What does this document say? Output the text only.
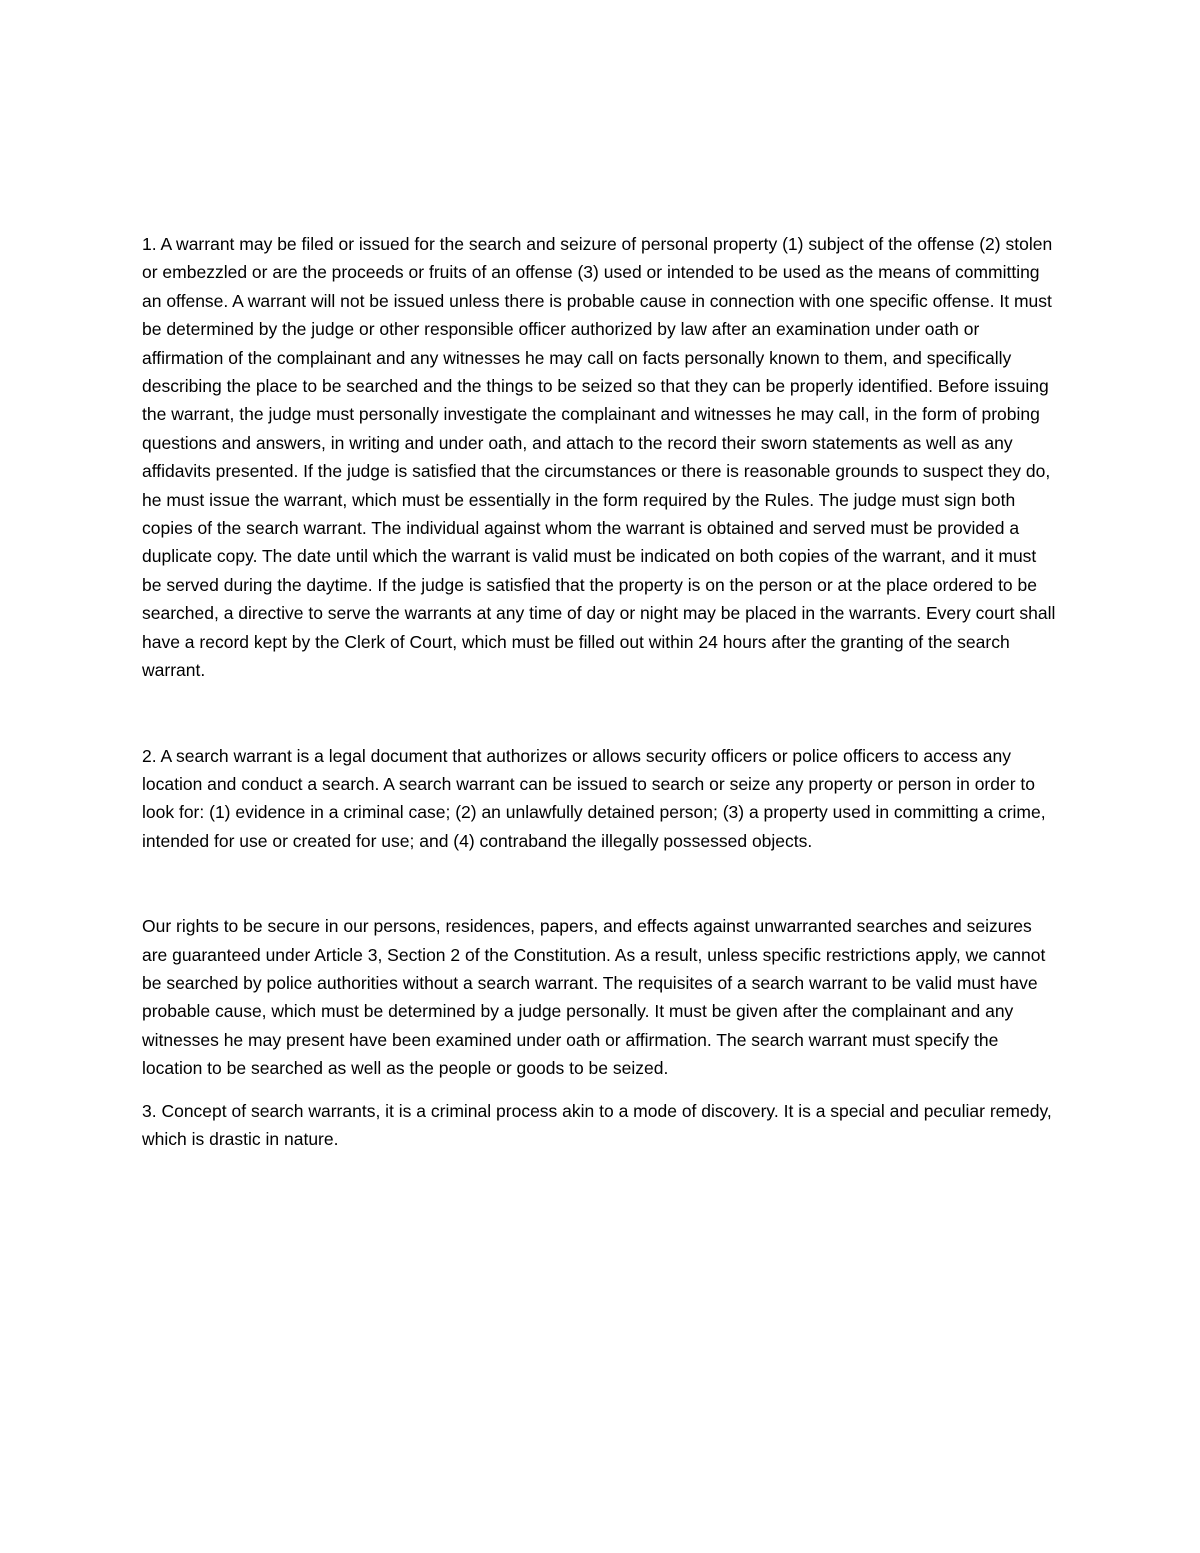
1. A warrant may be filed or issued for the search and seizure of personal property (1) subject of the offense (2) stolen or embezzled or are the proceeds or fruits of an offense (3) used or intended to be used as the means of committing an offense. A warrant will not be issued unless there is probable cause in connection with one specific offense. It must be determined by the judge or other responsible officer authorized by law after an examination under oath or affirmation of the complainant and any witnesses he may call on facts personally known to them, and specifically describing the place to be searched and the things to be seized so that they can be properly identified. Before issuing the warrant, the judge must personally investigate the complainant and witnesses he may call, in the form of probing questions and answers, in writing and under oath, and attach to the record their sworn statements as well as any affidavits presented. If the judge is satisfied that the circumstances or there is reasonable grounds to suspect they do, he must issue the warrant, which must be essentially in the form required by the Rules. The judge must sign both copies of the search warrant. The individual against whom the warrant is obtained and served must be provided a duplicate copy. The date until which the warrant is valid must be indicated on both copies of the warrant, and it must be served during the daytime. If the judge is satisfied that the property is on the person or at the place ordered to be searched, a directive to serve the warrants at any time of day or night may be placed in the warrants. Every court shall have a record kept by the Clerk of Court, which must be filled out within 24 hours after the granting of the search warrant.

2. A search warrant is a legal document that authorizes or allows security officers or police officers to access any location and conduct a search. A search warrant can be issued to search or seize any property or person in order to look for: (1) evidence in a criminal case; (2) an unlawfully detained person; (3) a property used in committing a crime, intended for use or created for use; and (4) contraband the illegally possessed objects.

Our rights to be secure in our persons, residences, papers, and effects against unwarranted searches and seizures are guaranteed under Article 3, Section 2 of the Constitution. As a result, unless specific restrictions apply, we cannot be searched by police authorities without a search warrant. The requisites of a search warrant to be valid must have probable cause, which must be determined by a judge personally. It must be given after the complainant and any witnesses he may present have been examined under oath or affirmation. The search warrant must specify the location to be searched as well as the people or goods to be seized.

3. Concept of search warrants, it is a criminal process akin to a mode of discovery. It is a special and peculiar remedy, which is drastic in nature.
